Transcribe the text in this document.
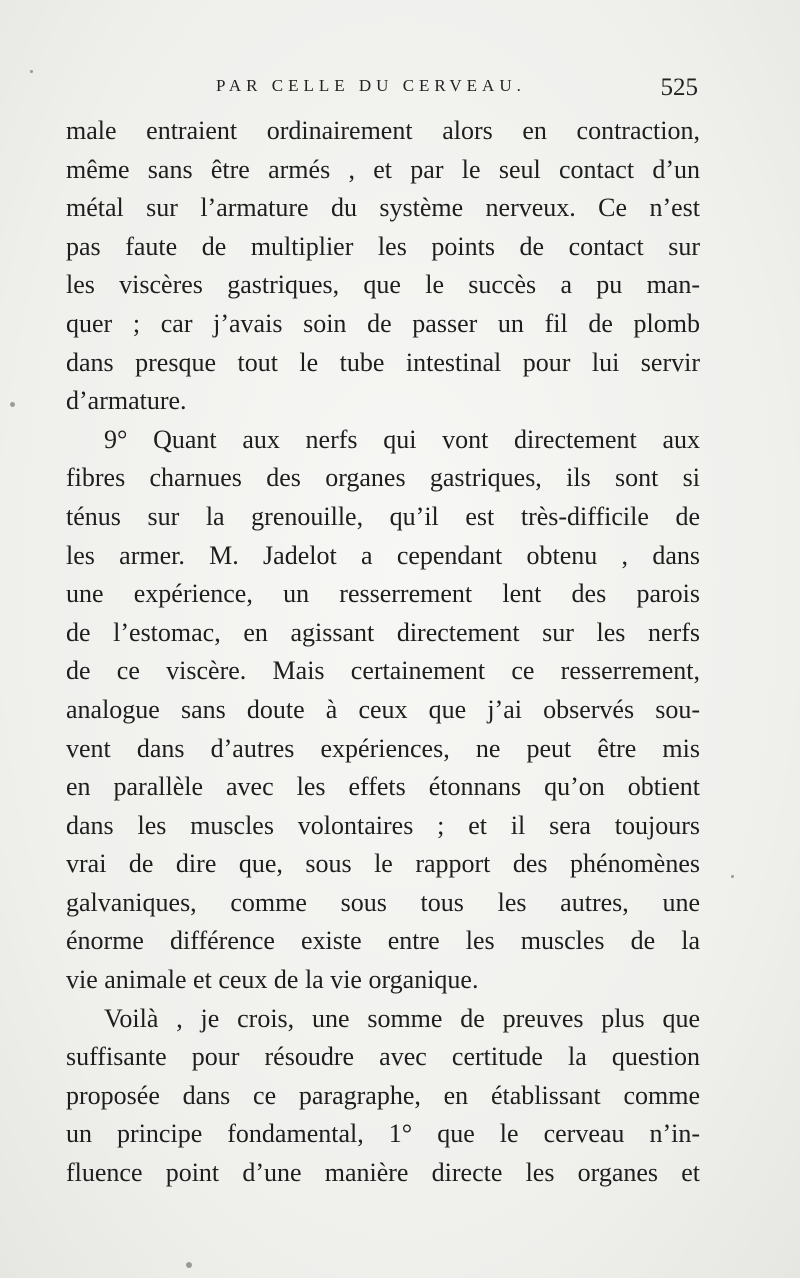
PAR CELLE DU CERVEAU.	525
male entraient ordinairement alors en contraction,
même sans être armés , et par le seul contact d’un
métal sur l’armature du système nerveux. Ce n’est
pas faute de multiplier les points de contact sur
les viscères gastriques, que le succès a pu man-
quer ; car j’avais soin de passer un fil de plomb
dans presque tout le tube intestinal pour lui servir
d’armature.
9° Quant aux nerfs qui vont directement aux
fibres charnues des organes gastriques, ils sont si
ténus sur la grenouille, qu’il est très-difficile de
les armer. M. Jadelot a cependant obtenu , dans
une expérience, un resserrement lent des parois
de l’estomac, en agissant directement sur les nerfs
de ce viscère. Mais certainement ce resserrement,
analogue sans doute à ceux que j’ai observés sou-
vent dans d’autres expériences, ne peut être mis
en parallèle avec les effets étonnans qu’on obtient
dans les muscles volontaires ; et il sera toujours
vrai de dire que, sous le rapport des phénomènes
galvaniques, comme sous tous les autres, une
énorme différence existe entre les muscles de la
vie animale et ceux de la vie organique.
Voilà , je crois, une somme de preuves plus que
suffisante pour résoudre avec certitude la question
proposée dans ce paragraphe, en établissant comme
un principe fondamental, 1° que le cerveau n’in-
fluence point d’une manière directe les organes et
